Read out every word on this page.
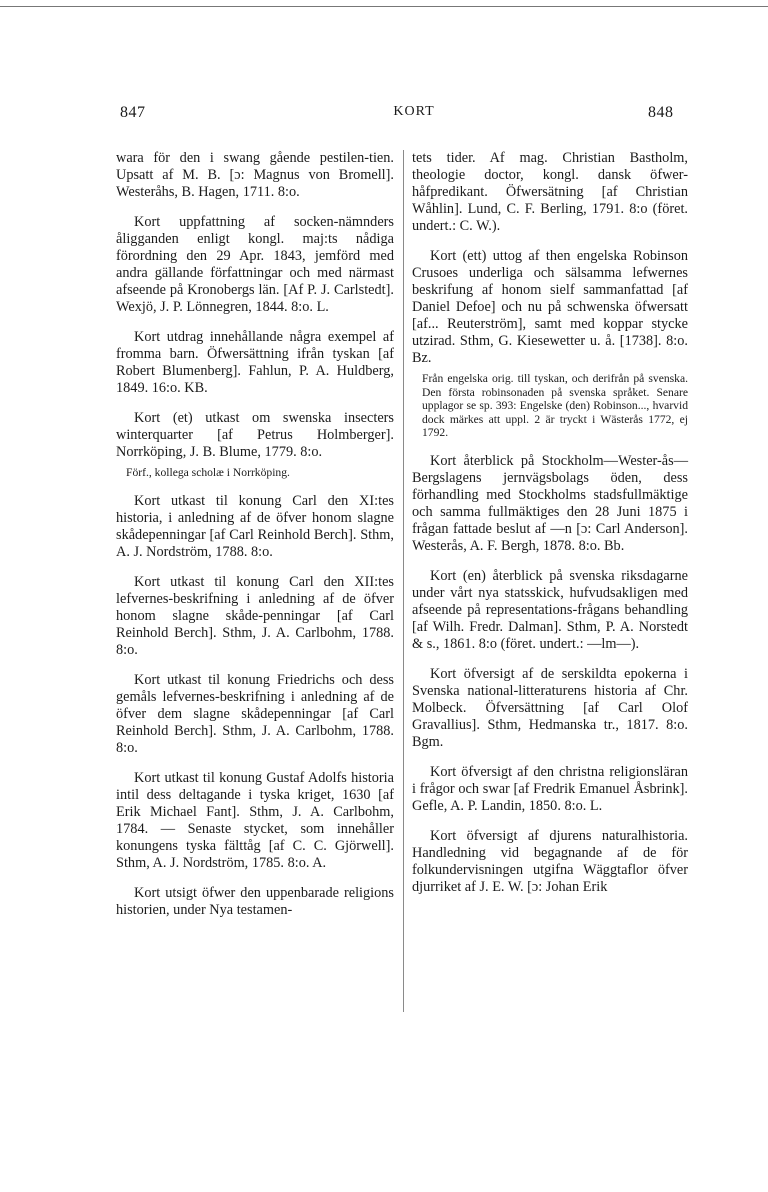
847	KORT	848

wara för den i swang gående pestilen-tien. Upsatt af M. B. [ɔ: Magnus von Bromell]. Westeråhs, B. Hagen, 1711. 8:o.

Kort uppfattning af socken-nämnders åligganden enligt kongl. maj:ts nådiga förordning den 29 Apr. 1843, jemförd med andra gällande författningar och med närmast afseende på Kronobergs län. [Af P. J. Carlstedt]. Wexjö, J. P. Lönnegren, 1844. 8:o. L.

Kort utdrag innehållande några exempel af fromma barn. Öfwersättning ifrån tyskan [af Robert Blumenberg]. Fahlun, P. A. Huldberg, 1849. 16:o. KB.

Kort (et) utkast om swenska insecters winterquarter [af Petrus Holmberger]. Norrköping, J. B. Blume, 1779. 8:o.

Förf., kollega scholæ i Norrköping.

Kort utkast til konung Carl den XI:tes historia, i anledning af de öfver honom slagne skådepenningar [af Carl Reinhold Berch]. Sthm, A. J. Nordström, 1788. 8:o.

Kort utkast til konung Carl den XII:tes lefvernes-beskrifning i anledning af de öfver honom slagne skåde-penningar [af Carl Reinhold Berch]. Sthm, J. A. Carlbohm, 1788. 8:o.

Kort utkast til konung Friedrichs och dess gemåls lefvernes-beskrifning i anledning af de öfver dem slagne skådepenningar [af Carl Reinhold Berch]. Sthm, J. A. Carlbohm, 1788. 8:o.

Kort utkast til konung Gustaf Adolfs historia intil dess deltagande i tyska kriget, 1630 [af Erik Michael Fant]. Sthm, J. A. Carlbohm, 1784. — Senaste stycket, som innehåller konungens tyska fälttåg [af C. C. Gjörwell]. Sthm, A. J. Nordström, 1785. 8:o. A.

Kort utsigt öfwer den uppenbarade religions historien, under Nya testamen-

tets tider. Af mag. Christian Bastholm, theologie doctor, kongl. dansk öfwer-håfpredikant. Öfwersätning [af Christian Wåhlin]. Lund, C. F. Berling, 1791. 8:o (föret. undert.: C. W.).

Kort (ett) uttog af then engelska Robinson Crusoes underliga och sälsamma lefwernes beskrifung af honom sielf sammanfattad [af Daniel Defoe] och nu på schwenska öfwersatt [af... Reuterström], samt med koppar stycke utzirad. Sthm, G. Kiesewetter u. å. [1738]. 8:o. Bz.

Från engelska orig. till tyskan, och derifrån på svenska. Den första robinsonaden på svenska språket. Senare upplagor se sp. 393: Engelske (den) Robinson..., hvarvid dock märkes att uppl. 2 är tryckt i Wästerås 1772, ej 1792.

Kort återblick på Stockholm—Wester-ås—Bergslagens jernvägsbolags öden, dess förhandling med Stockholms stadsfullmäktige och samma fullmäktiges den 28 Juni 1875 i frågan fattade beslut af —n [ɔ: Carl Anderson]. Westerås, A. F. Bergh, 1878. 8:o. Bb.

Kort (en) återblick på svenska riksdagarne under vårt nya statsskick, hufvudsakligen med afseende på representations-frågans behandling [af Wilh. Fredr. Dalman]. Sthm, P. A. Norstedt & s., 1861. 8:o (föret. undert.: —lm—).

Kort öfversigt af de serskildta epokerna i Svenska national-litteraturens historia af Chr. Molbeck. Öfversättning [af Carl Olof Gravallius]. Sthm, Hedmanska tr., 1817. 8:o. Bgm.

Kort öfversigt af den christna religionsläran i frågor och swar [af Fredrik Emanuel Åsbrink]. Gefle, A. P. Landin, 1850. 8:o. L.

Kort öfversigt af djurens naturalhistoria. Handledning vid begagnande af de för folkundervisningen utgifna Wäggtaflor öfver djurriket af J. E. W. [ɔ: Johan Erik
